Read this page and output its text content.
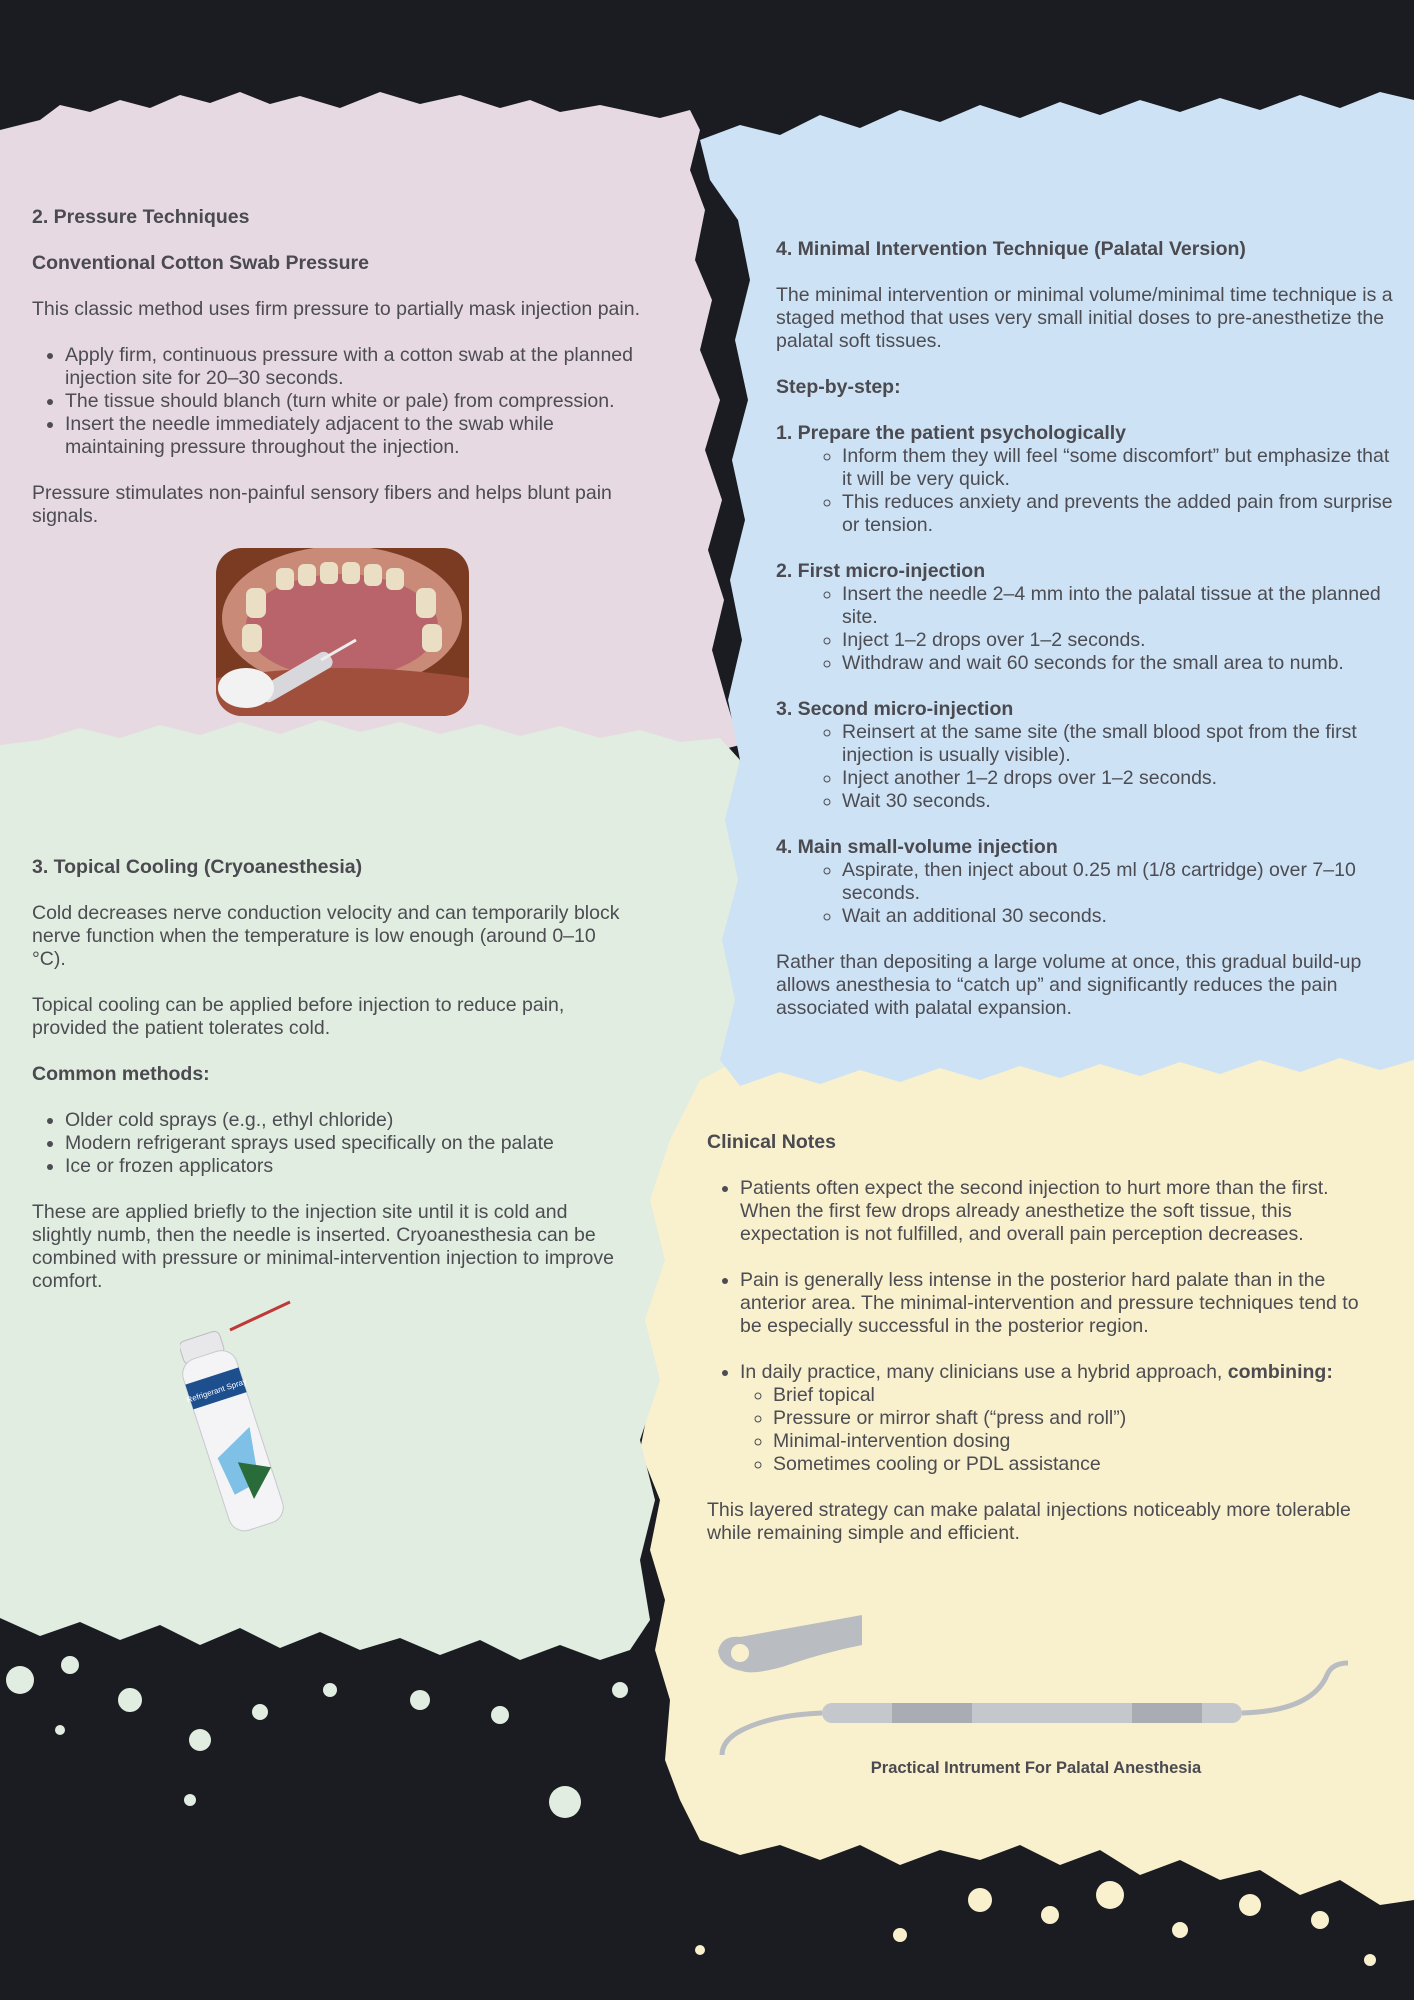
2. Pressure Techniques
Conventional Cotton Swab Pressure

This classic method uses firm pressure to partially mask injection pain.

• Apply firm, continuous pressure with a cotton swab at the planned injection site for 20–30 seconds.
• The tissue should blanch (turn white or pale) from compression.
• Insert the needle immediately adjacent to the swab while maintaining pressure throughout the injection.

Pressure stimulates non-painful sensory fibers and helps blunt pain signals.

3. Topical Cooling (Cryoanesthesia)

Cold decreases nerve conduction velocity and can temporarily block nerve function when the temperature is low enough (around 0–10 °C).

Topical cooling can be applied before injection to reduce pain, provided the patient tolerates cold.

Common methods:
• Older cold sprays (e.g., ethyl chloride)
• Modern refrigerant sprays used specifically on the palate
• Ice or frozen applicators

These are applied briefly to the injection site until it is cold and slightly numb, then the needle is inserted. Cryoanesthesia can be combined with pressure or minimal-intervention injection to improve comfort.

Refrigerant Spray
4. Minimal Intervention Technique (Palatal Version)

The minimal intervention or minimal volume/minimal time technique is a staged method that uses very small initial doses to pre-anesthetize the palatal soft tissues.

Step-by-step:
1. Prepare the patient psychologically
◦ Inform them they will feel “some discomfort” but emphasize that it will be very quick.
◦ This reduces anxiety and prevents the added pain from surprise or tension.
2. First micro-injection
◦ Insert the needle 2–4 mm into the palatal tissue at the planned site.
◦ Inject 1–2 drops over 1–2 seconds.
◦ Withdraw and wait 60 seconds for the small area to numb.
3. Second micro-injection
◦ Reinsert at the same site (the small blood spot from the first injection is usually visible).
◦ Inject another 1–2 drops over 1–2 seconds.
◦ Wait 30 seconds.
4. Main small-volume injection
◦ Aspirate, then inject about 0.25 ml (1/8 cartridge) over 7–10 seconds.
◦ Wait an additional 30 seconds.

Rather than depositing a large volume at once, this gradual build-up allows anesthesia to “catch up” and significantly reduces the pain associated with palatal expansion.

Clinical Notes
• Patients often expect the second injection to hurt more than the first. When the first few drops already anesthetize the soft tissue, this expectation is not fulfilled, and overall pain perception decreases.
• Pain is generally less intense in the posterior hard palate than in the anterior area. The minimal-intervention and pressure techniques tend to be especially successful in the posterior region.
• In daily practice, many clinicians use a hybrid approach, combining:
◦ Brief topical
◦ Pressure or mirror shaft (“press and roll”)
◦ Minimal-intervention dosing
◦ Sometimes cooling or PDL assistance

This layered strategy can make palatal injections noticeably more tolerable while remaining simple and efficient.

Practical Intrument For Palatal Anesthesia
